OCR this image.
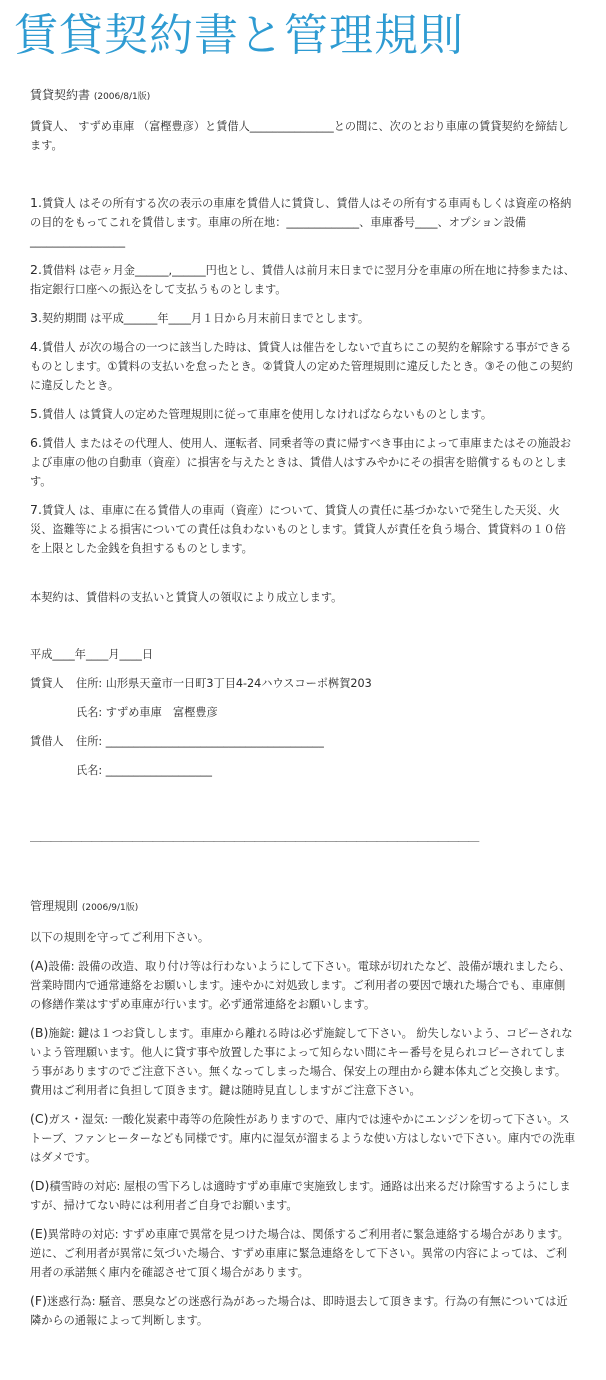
賃貸契約書と管理規則
賃貸契約書 (2006/8/1版)

賃貸人、 すずめ車庫 （富樫豊彦）と賃借人_______________との間に、次のとおり車庫の賃貸契約を締結します。

1.賃貸人 はその所有する次の表示の車庫を賃借人に賃貸し、賃借人はその所有する車両もしくは資産の格納の目的をもってこれを賃借します。車庫の所在地：_____________、車庫番号____、オプション設備_________________

2.賃借料 は壱ヶ月金______,______円也とし、賃借人は前月末日までに翌月分を車庫の所在地に持参または、指定銀行口座への振込をして支払うものとします。

3.契約期間 は平成______年____月１日から月末前日までとします。

4.賃借人 が次の場合の一つに該当した時は、賃貸人は催告をしないで直ちにこの契約を解除する事ができるものとします。①賃料の支払いを怠ったとき。②賃貸人の定めた管理規則に違反したとき。③その他この契約に違反したとき。

5.賃借人 は賃貸人の定めた管理規則に従って車庫を使用しなければならないものとします。

6.賃借人 またはその代理人、使用人、運転者、同乗者等の責に帰すべき事由によって車庫またはその施設および車庫の他の自動車（資産）に損害を与えたときは、賃借人はすみやかにその損害を賠償するものとします。

7.賃貸人 は、車庫に在る賃借人の車両（資産）について、賃貸人の責任に基づかないで発生した天災、火災、盗難等による損害についての責任は負わないものとします。賃貸人が責任を負う場合、賃貸料の１０倍を上限とした金銭を負担するものとします。

本契約は、賃借料の支払いと賃貸人の領収により成立します。

平成____年____月____日

賃貸人	住所: 山形県天童市一日町3丁目4-24ハウスコーポ桝賀203
氏名: すずめ車庫　富樫豊彦
賃借人	住所: _______________________________________
氏名: ___________________
――――――――――――――――――――――――――――――――――――――――――――
管理規則 (2006/9/1版)

以下の規則を守ってご利用下さい。

(A)設備: 設備の改造、取り付け等は行わないようにして下さい。電球が切れたなど、設備が壊れましたら、営業時間内で通常連絡をお願いします。速やかに対処致します。ご利用者の要因で壊れた場合でも、車庫側の修繕作業はすずめ車庫が行います。必ず通常連絡をお願いします。

(B)施錠: 鍵は１つお貸しします。車庫から離れる時は必ず施錠して下さい。 紛失しないよう、コピーされないよう管理願います。他人に貸す事や放置した事によって知らない間にキー番号を見られコピーされてしまう事がありますのでご注意下さい。無くなってしまった場合、保安上の理由から鍵本体丸ごと交換します。費用はご利用者に負担して頂きます。鍵は随時見直ししますがご注意下さい。

(C)ガス・湿気: 一酸化炭素中毒等の危険性がありますので、庫内では速やかにエンジンを切って下さい。ストーブ、ファンヒーターなども同様です。庫内に湿気が溜まるような使い方はしないで下さい。庫内での洗車はダメです。

(D)積雪時の対応: 屋根の雪下ろしは適時すずめ車庫で実施致します。通路は出来るだけ除雪するようにしますが、掃けてない時には利用者ご自身でお願います。

(E)異常時の対応: すずめ車庫で異常を見つけた場合は、関係するご利用者に緊急連絡する場合があります。逆に、ご利用者が異常に気づいた場合、すずめ車庫に緊急連絡をして下さい。異常の内容によっては、ご利用者の承諾無く庫内を確認させて頂く場合があります。

(F)迷惑行為: 騒音、悪臭などの迷惑行為があった場合は、即時退去して頂きます。行為の有無については近隣からの通報によって判断します。
